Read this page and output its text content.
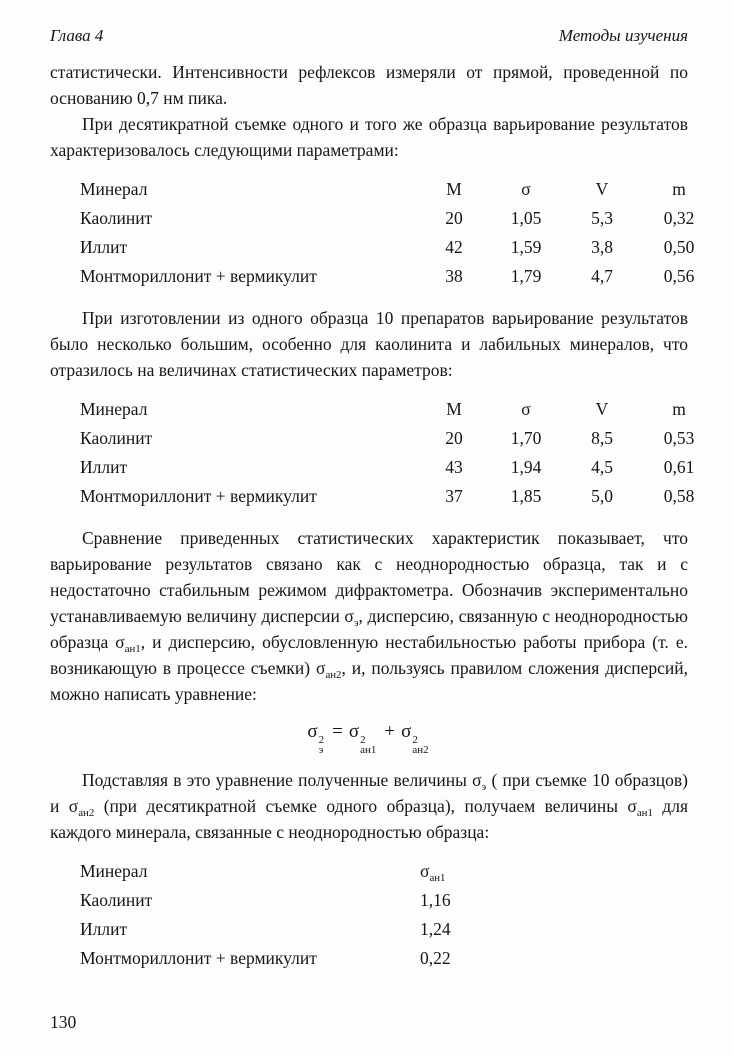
Глава 4	Методы изучения

статистически. Интенсивности рефлексов измеряли от прямой, проведенной по основанию 0,7 нм пика.

При десятикратной съемке одного и того же образца варьирование результатов характеризовалось следующими параметрами:

Минерал	М	σ	V	m
Каолинит	20	1,05	5,3	0,32
Иллит	42	1,59	3,8	0,50
Монтмориллонит + вермикулит	38	1,79	4,7	0,56

При изготовлении из одного образца 10 препаратов варьирование результатов было несколько большим, особенно для каолинита и лабильных минералов, что отразилось на величинах статистических параметров:

Минерал	М	σ	V	m
Каолинит	20	1,70	8,5	0,53
Иллит	43	1,94	4,5	0,61
Монтмориллонит + вермикулит	37	1,85	5,0	0,58

Сравнение приведенных статистических характеристик показывает, что варьирование результатов связано как с неоднородностью образца, так и с недостаточно стабильным режимом дифрактометра. Обозначив экспериментально устанавливаемую величину дисперсии $\sigma_э$, дисперсию, связанную с неоднородностью образца $\sigma_{ан1}$, и дисперсию, обусловленную нестабильностью работы прибора (т. е. возникающую в процессе съемки) $\sigma_{ан2}$, и, пользуясь правилом сложения дисперсий, можно написать уравнение:

σ 2
э
= σ 2
ан1
+ σ 2
ан2

Подставляя в это уравнение полученные величины $\sigma_э$ ( при съемке 10 образцов) и $\sigma_{ан2}$ (при десятикратной съемке одного образца), получаем величины $\sigma_{ан1}$ для каждого минерала, связанные с неоднородностью образца:

Минерал	$\sigma_{ан1}$
Каолинит	1,16
Иллит	1,24
Монтмориллонит + вермикулит	0,22
130
